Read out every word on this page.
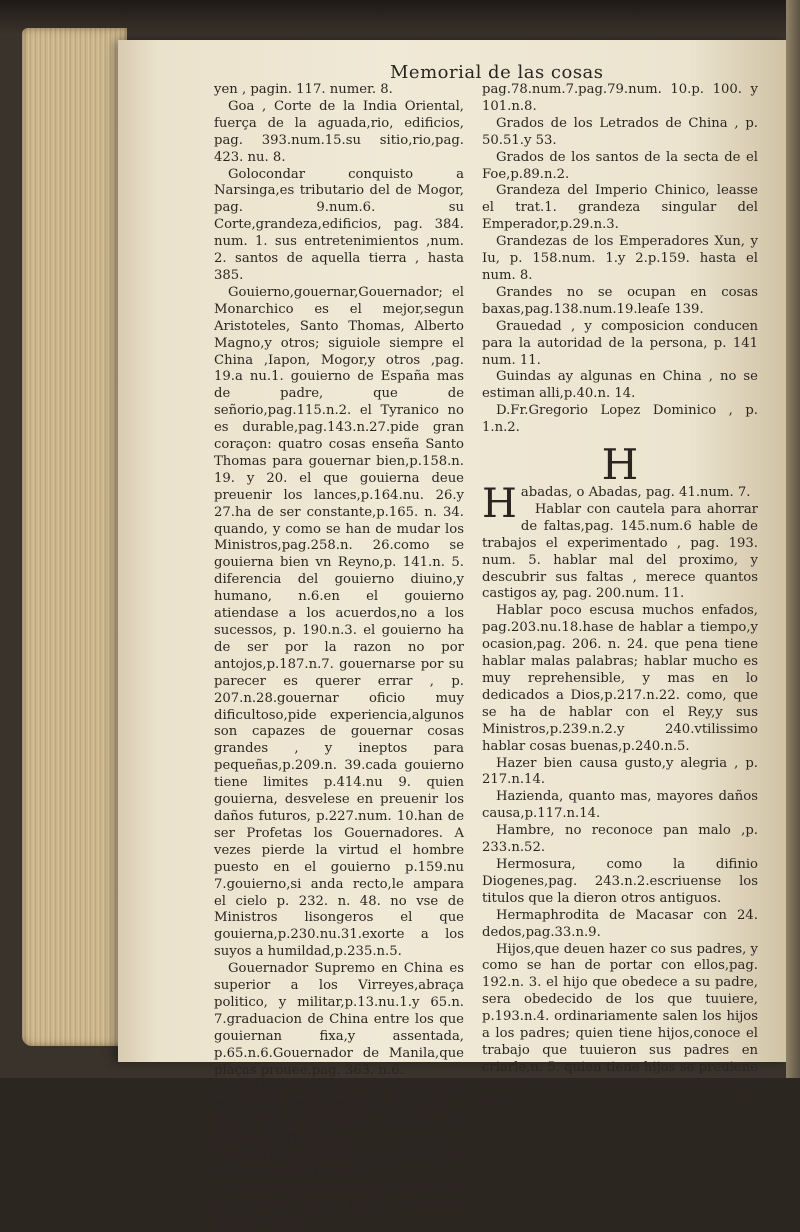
Memorial de las cosas

yen , pagin. 117. numer. 8.

Goa , Corte de la India Oriental, fuerça de la aguada,rio, edificios, pag. 393.num.15.su sitio,rio,pag. 423. nu. 8.

Golocondar conquisto a Narsinga,es tributario del de Mogor, pag. 9.num.6. su Corte,grandeza,edificios, pag. 384. num. 1. sus entretenimientos ,num. 2. santos de aquella tierra , hasta 385.

Gouierno,gouernar,Gouernador; el Monarchico es el mejor,segun Aristoteles, Santo Thomas, Alberto Magno,y otros; siguiole siempre el China ,Iapon, Mogor,y otros ,pag. 19.a nu.1. gouierno de España mas de padre, que de señorio,pag.115.n.2. el Tyranico no es durable,pag.143.n.27.pide gran coraçon: quatro cosas enseña Santo Thomas para gouernar bien,p.158.n. 19. y 20. el que gouierna deue preuenir los lances,p.164.nu. 26.y 27.ha de ser constante,p.165. n. 34. quando, y como se han de mudar los Ministros,pag.258.n. 26.como se gouierna bien vn Reyno,p. 141.n. 5. diferencia del gouierno diuino,y humano, n.6.en el gouierno atiendase a los acuerdos,no a los sucessos, p. 190.n.3. el gouierno ha de ser por la razon no por antojos,p.187.n.7. gouernarse por su parecer es querer errar , p. 207.n.28.gouernar oficio muy dificultoso,pide experiencia,algunos son capazes de gouernar cosas grandes , y ineptos para pequeñas,p.209.n. 39.cada gouierno tiene limites p.414.nu 9. quien gouierna, desvelese en preuenir los daños futuros, p.227.num. 10.han de ser Profetas los Gouernadores. A vezes pierde la virtud el hombre puesto en el gouierno p.159.nu 7.gouierno,si anda recto,le ampara el cielo p. 232. n. 48. no vse de Ministros lisongeros el que gouierna,p.230.nu.31.exorte a los suyos a humildad,p.235.n.5.

Gouernador Supremo en China es superior a los Virreyes,abraça politico, y militar,p.13.nu.1.y 65.n. 7.graduacion de China entre los que gouiernan fixa,y assentada, p.65.n.6.Gouernador de Manila,que plaças prouee,pag. 363. n.6.

Vn Gouernador Chino examinaua vezes los negocios para no errar , pag. 149.n.3.num.5.se escriue de otro muy prudente.

Gouernar vn Reyno , es curar vna enfermedad,p.106.n.11.

Del Padre Gouea de la Compañia de Iesus se haze mencion, pag.63.num.3.

pag.78.num.7.pag.79.num. 10.p. 100. y 101.n.8.

Grados de los Letrados de China , p. 50.51.y 53.

Grados de los santos de la secta de el Foe,p.89.n.2.

Grandeza del Imperio Chinico, leasse el trat.1. grandeza singular del Emperador,p.29.n.3.

Grandezas de los Emperadores Xun, y Iu, p. 158.num. 1.y 2.p.159. hasta el num. 8.

Grandes no se ocupan en cosas baxas,pag.138.num.19.leaſe 139.

Grauedad , y composicion conducen para la autoridad de la persona, p. 141 num. 11.

Guindas ay algunas en China , no se estiman alli,p.40.n. 14.

D.Fr.Gregorio Lopez Dominico , p. 1.n.2.

H

Habadas, o Abadas, pag. 41.num. 7.

Hablar con cautela para ahorrar de faltas,pag. 145.num.6 hable de trabajos el experimentado , pag. 193. num. 5. hablar mal del proximo, y descubrir sus faltas , merece quantos castigos ay, pag. 200.num. 11.

Hablar poco escusa muchos enfados, pag.203.nu.18.hase de hablar a tiempo,y ocasion,pag. 206. n. 24. que pena tiene hablar malas palabras; hablar mucho es muy reprehensible, y mas en lo dedicados a Dios,p.217.n.22. como, que se ha de hablar con el Rey,y sus Ministros,p.239.n.2.y 240.vtilissimo hablar cosas buenas,p.240.n.5.

Hazer bien causa gusto,y alegria , p. 217.n.14.

Hazienda, quanto mas, mayores daños causa,p.117.n.14.

Hambre, no reconoce pan malo ,p. 233.n.52.

Hermosura, como la difinio Diogenes,pag. 243.n.2.escriuense los titulos que la dieron otros antiguos.

Hermaphrodita de Macasar con 24. dedos,pag.33.n.9.

Hijos,que deuen hazer co sus padres, y como se han de portar con ellos,pag. 192.n. 3. el hijo que obedece a su padre, sera obedecido de los que tuuiere, p.193.n.4. ordinariamente salen los hijos a los padres; quien tiene hijos,conoce el trabajo que tuuieron sus padres en criarle,n. 5. quien tiene hijos se preuiene para la vejez, nu. 6. alegrese el hijo, quan-
